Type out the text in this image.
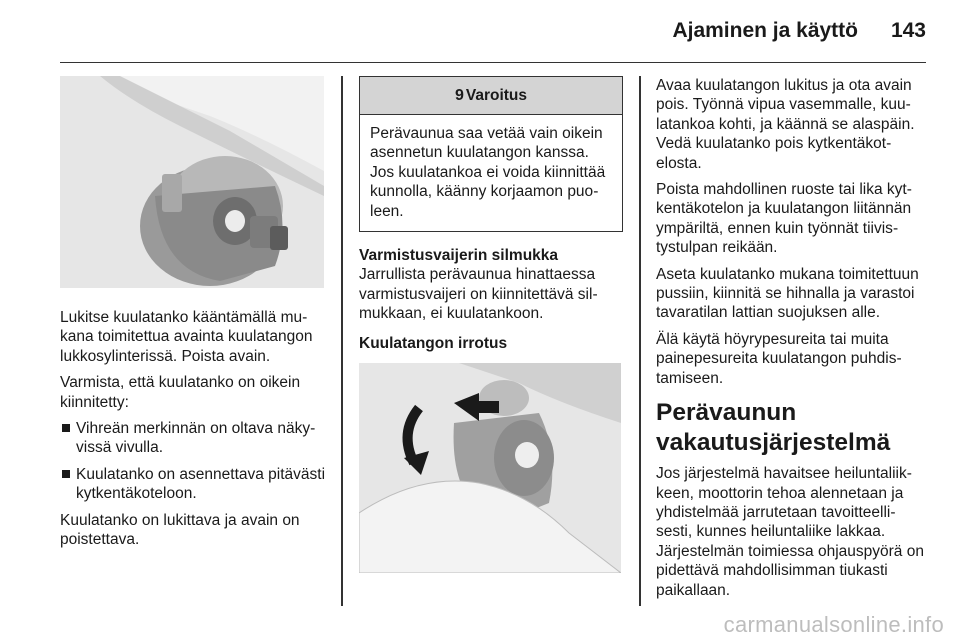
Ajaminen ja käyttö 143

Lukitse kuulatanko kääntämällä mukana toimitettua avainta kuulatangon lukkosylinterissä. Poista avain.

Varmista, että kuulatanko on oikein kiinnitetty:

Vihreän merkinnän on oltava näkyvissä vivulla.
Kuulatanko on asennettava pitävästi kytkentäkoteloon.

Kuulatanko on lukittava ja avain on poistettava.

9 Varoitus
Perävaunua saa vetää vain oikein asennetun kuulatangon kanssa. Jos kuulatankoa ei voida kiinnittää kunnolla, käänny korjaamon puoleen.
Varmistusvaijerin silmukka

Jarrullista perävaunua hinattaessa varmistusvaijeri on kiinnitettävä silmukkaan, ei kuulatankoon.

Kuulatangon irrotus

Avaa kuulatangon lukitus ja ota avain pois. Työnnä vipua vasemmalle, kuulatankoa kohti, ja käännä se alaspäin. Vedä kuulatanko pois kytkentäkotelosta.

Poista mahdollinen ruoste tai lika kytkentäkotelon ja kuulatangon liitännän ympäriltä, ennen kuin työnnät tiivistystulpan reikään.

Aseta kuulatanko mukana toimitettuun pussiin, kiinnitä se hihnalla ja varastoi tavaratilan lattian suojuksen alle.

Älä käytä höyrypesureita tai muita painepesureita kuulatangon puhdistamiseen.

Perävaunun vakautusjärjestelmä

Jos järjestelmä havaitsee heiluntaliikkeen, moottorin tehoa alennetaan ja yhdistelmää jarrutetaan tavoitteellisesti, kunnes heiluntaliike lakkaa. Järjestelmän toimiessa ohjauspyörä on pidettävä mahdollisimman tiukasti paikallaan.

carmanualsonline.info
